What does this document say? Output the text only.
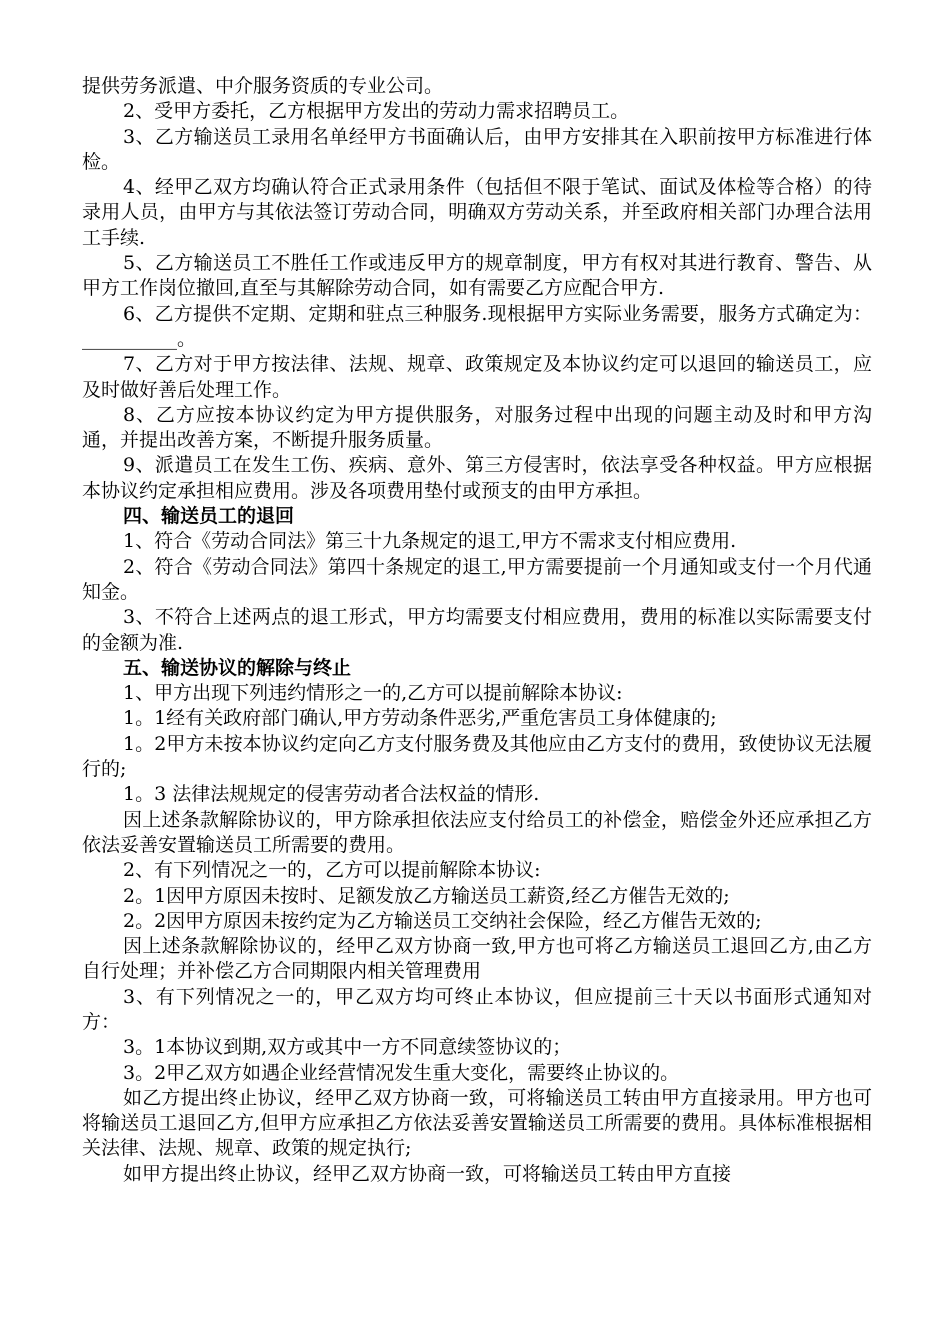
提供劳务派遣、中介服务资质的专业公司。

2、受甲方委托，乙方根据甲方发出的劳动力需求招聘员工。

3、乙方输送员工录用名单经甲方书面确认后，由甲方安排其在入职前按甲方标准进行体检。

4、经甲乙双方均确认符合正式录用条件（包括但不限于笔试、面试及体检等合格）的待录用人员，由甲方与其依法签订劳动合同，明确双方劳动关系，并至政府相关部门办理合法用工手续.

5、乙方输送员工不胜任工作或违反甲方的规章制度，甲方有权对其进行教育、警告、从甲方工作岗位撤回,直至与其解除劳动合同，如有需要乙方应配合甲方.

6、乙方提供不定期、定期和驻点三种服务.现根据甲方实际业务需要，服务方式确定为：__________。

7、乙方对于甲方按法律、法规、规章、政策规定及本协议约定可以退回的输送员工，应及时做好善后处理工作。

8、乙方应按本协议约定为甲方提供服务，对服务过程中出现的问题主动及时和甲方沟通，并提出改善方案，不断提升服务质量。

9、派遣员工在发生工伤、疾病、意外、第三方侵害时，依法享受各种权益。甲方应根据本协议约定承担相应费用。涉及各项费用垫付或预支的由甲方承担。

四、输送员工的退回

1、符合《劳动合同法》第三十九条规定的退工,甲方不需求支付相应费用.

2、符合《劳动合同法》第四十条规定的退工,甲方需要提前一个月通知或支付一个月代通知金。

3、不符合上述两点的退工形式，甲方均需要支付相应费用，费用的标准以实际需要支付的金额为准.

五、输送协议的解除与终止

1、甲方出现下列违约情形之一的,乙方可以提前解除本协议:

1。1经有关政府部门确认,甲方劳动条件恶劣,严重危害员工身体健康的;

1。2甲方未按本协议约定向乙方支付服务费及其他应由乙方支付的费用，致使协议无法履行的;

1。3 法律法规规定的侵害劳动者合法权益的情形.

因上述条款解除协议的，甲方除承担依法应支付给员工的补偿金，赔偿金外还应承担乙方依法妥善安置输送员工所需要的费用。

2、有下列情况之一的，乙方可以提前解除本协议:

2。1因甲方原因未按时、足额发放乙方输送员工薪资,经乙方催告无效的;

2。2因甲方原因未按约定为乙方输送员工交纳社会保险，经乙方催告无效的;

因上述条款解除协议的，经甲乙双方协商一致,甲方也可将乙方输送员工退回乙方,由乙方自行处理；并补偿乙方合同期限内相关管理费用

3、有下列情况之一的，甲乙双方均可终止本协议，但应提前三十天以书面形式通知对方：

3。1本协议到期,双方或其中一方不同意续签协议的；

3。2甲乙双方如遇企业经营情况发生重大变化，需要终止协议的。

如乙方提出终止协议，经甲乙双方协商一致，可将输送员工转由甲方直接录用。甲方也可将输送员工退回乙方,但甲方应承担乙方依法妥善安置输送员工所需要的费用。具体标准根据相关法律、法规、规章、政策的规定执行;

如甲方提出终止协议，经甲乙双方协商一致，可将输送员工转由甲方直接
